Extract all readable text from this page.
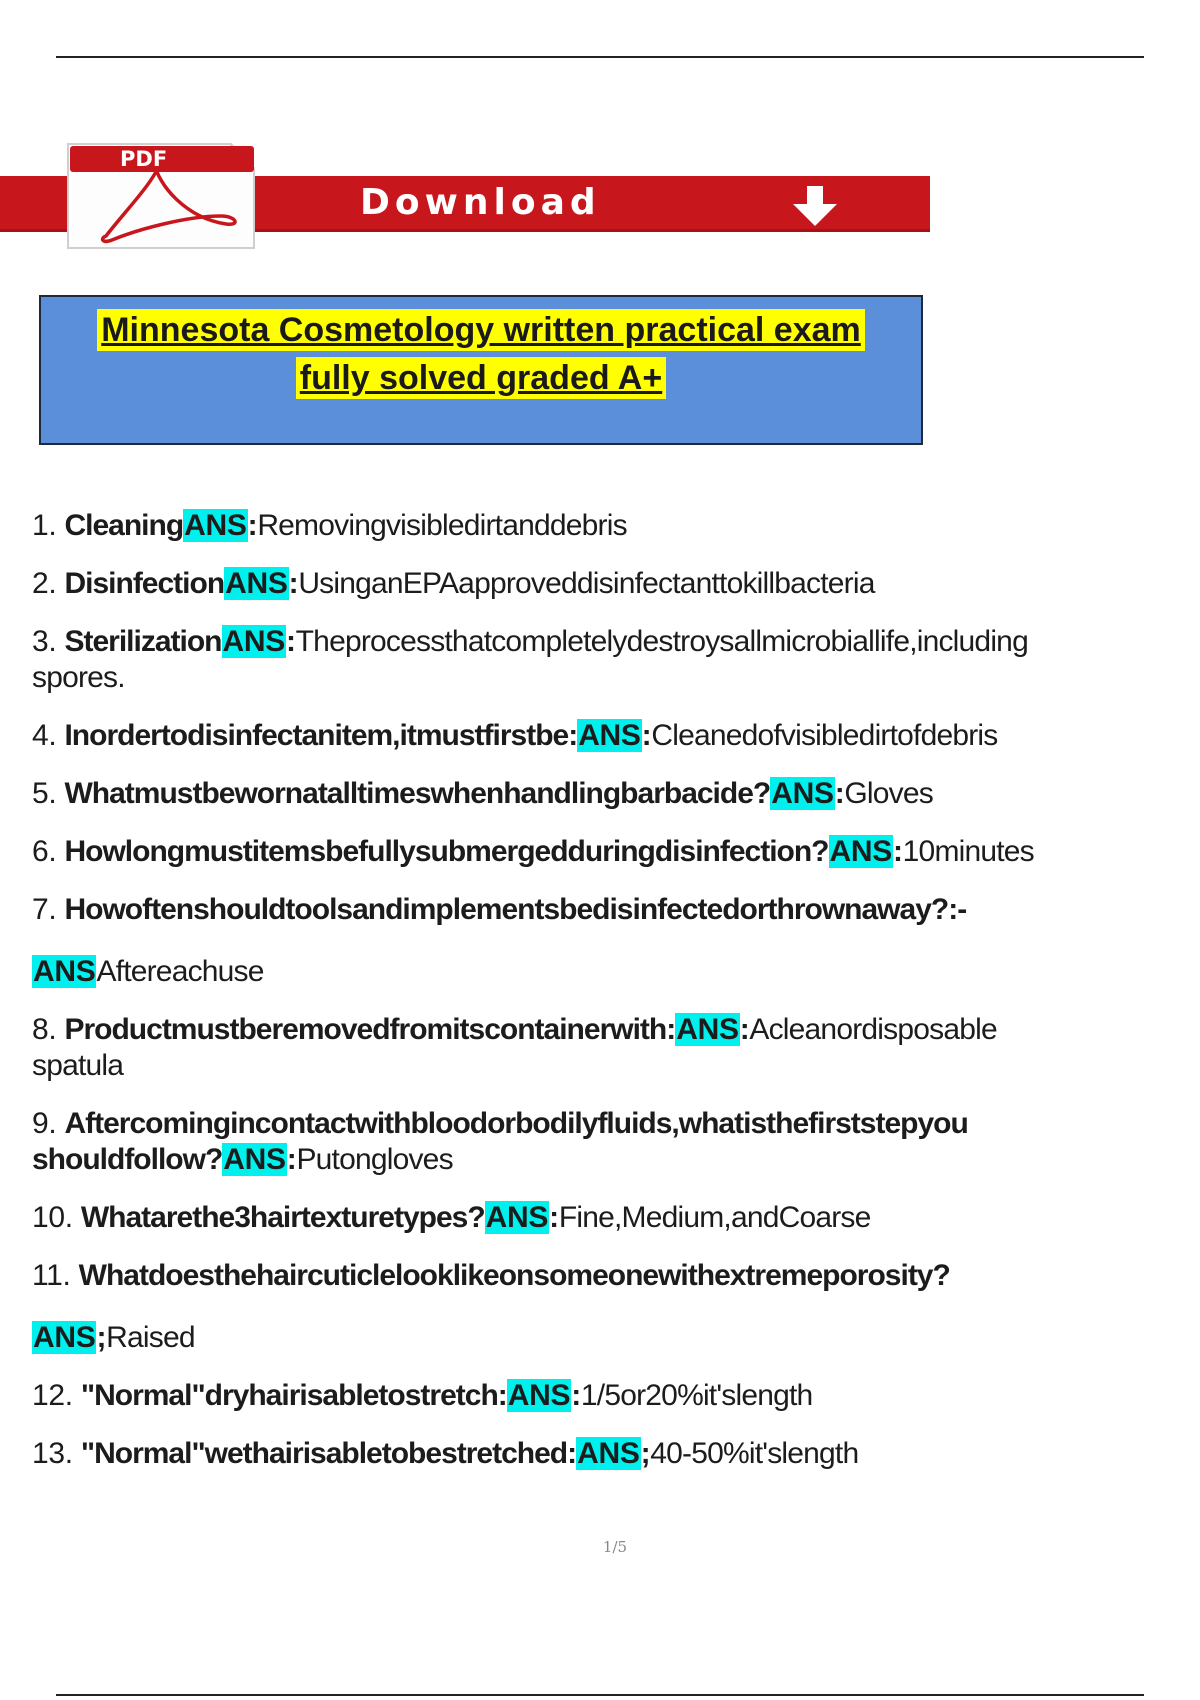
PDF
Download
Minnesota Cosmetology written practical exam
fully solved graded A+
1. CleaningANS:Removingvisibledirtanddebris
2. DisinfectionANS:UsinganEPAapproveddisinfectanttokillbacteria
3. SterilizationANS:Theprocessthatcompletelydestroysallmicrobiallife,including
spores.
4. Inordertodisinfectanitem,itmustfirstbe:ANS:Cleanedofvisibledirtofdebris
5. Whatmustbewornatalltimeswhenhandlingbarbacide?ANS:Gloves
6. Howlongmustitemsbefullysubmergedduringdisinfection?ANS:10minutes
7. Howoftenshouldtoolsandimplementsbedisinfectedorthrownaway?:-
ANSAftereachuse
8. Productmustberemovedfromitscontainerwith:ANS:Acleanordisposable
spatula
9. Aftercomingincontactwithbloodorbodilyfluids,whatisthefirststepyou
shouldfollow?ANS:Putongloves
10. Whatarethe3hairtexturetypes?ANS:Fine,Medium,andCoarse
11. Whatdoesthehaircuticlelooklikeonsomeonewithextremeporosity?
ANS;Raised
12. "Normal"dryhairisabletostretch:ANS:1/5or20%it'slength
13. "Normal"wethairisabletobestretched:ANS;40-50%it'slength
1/5
